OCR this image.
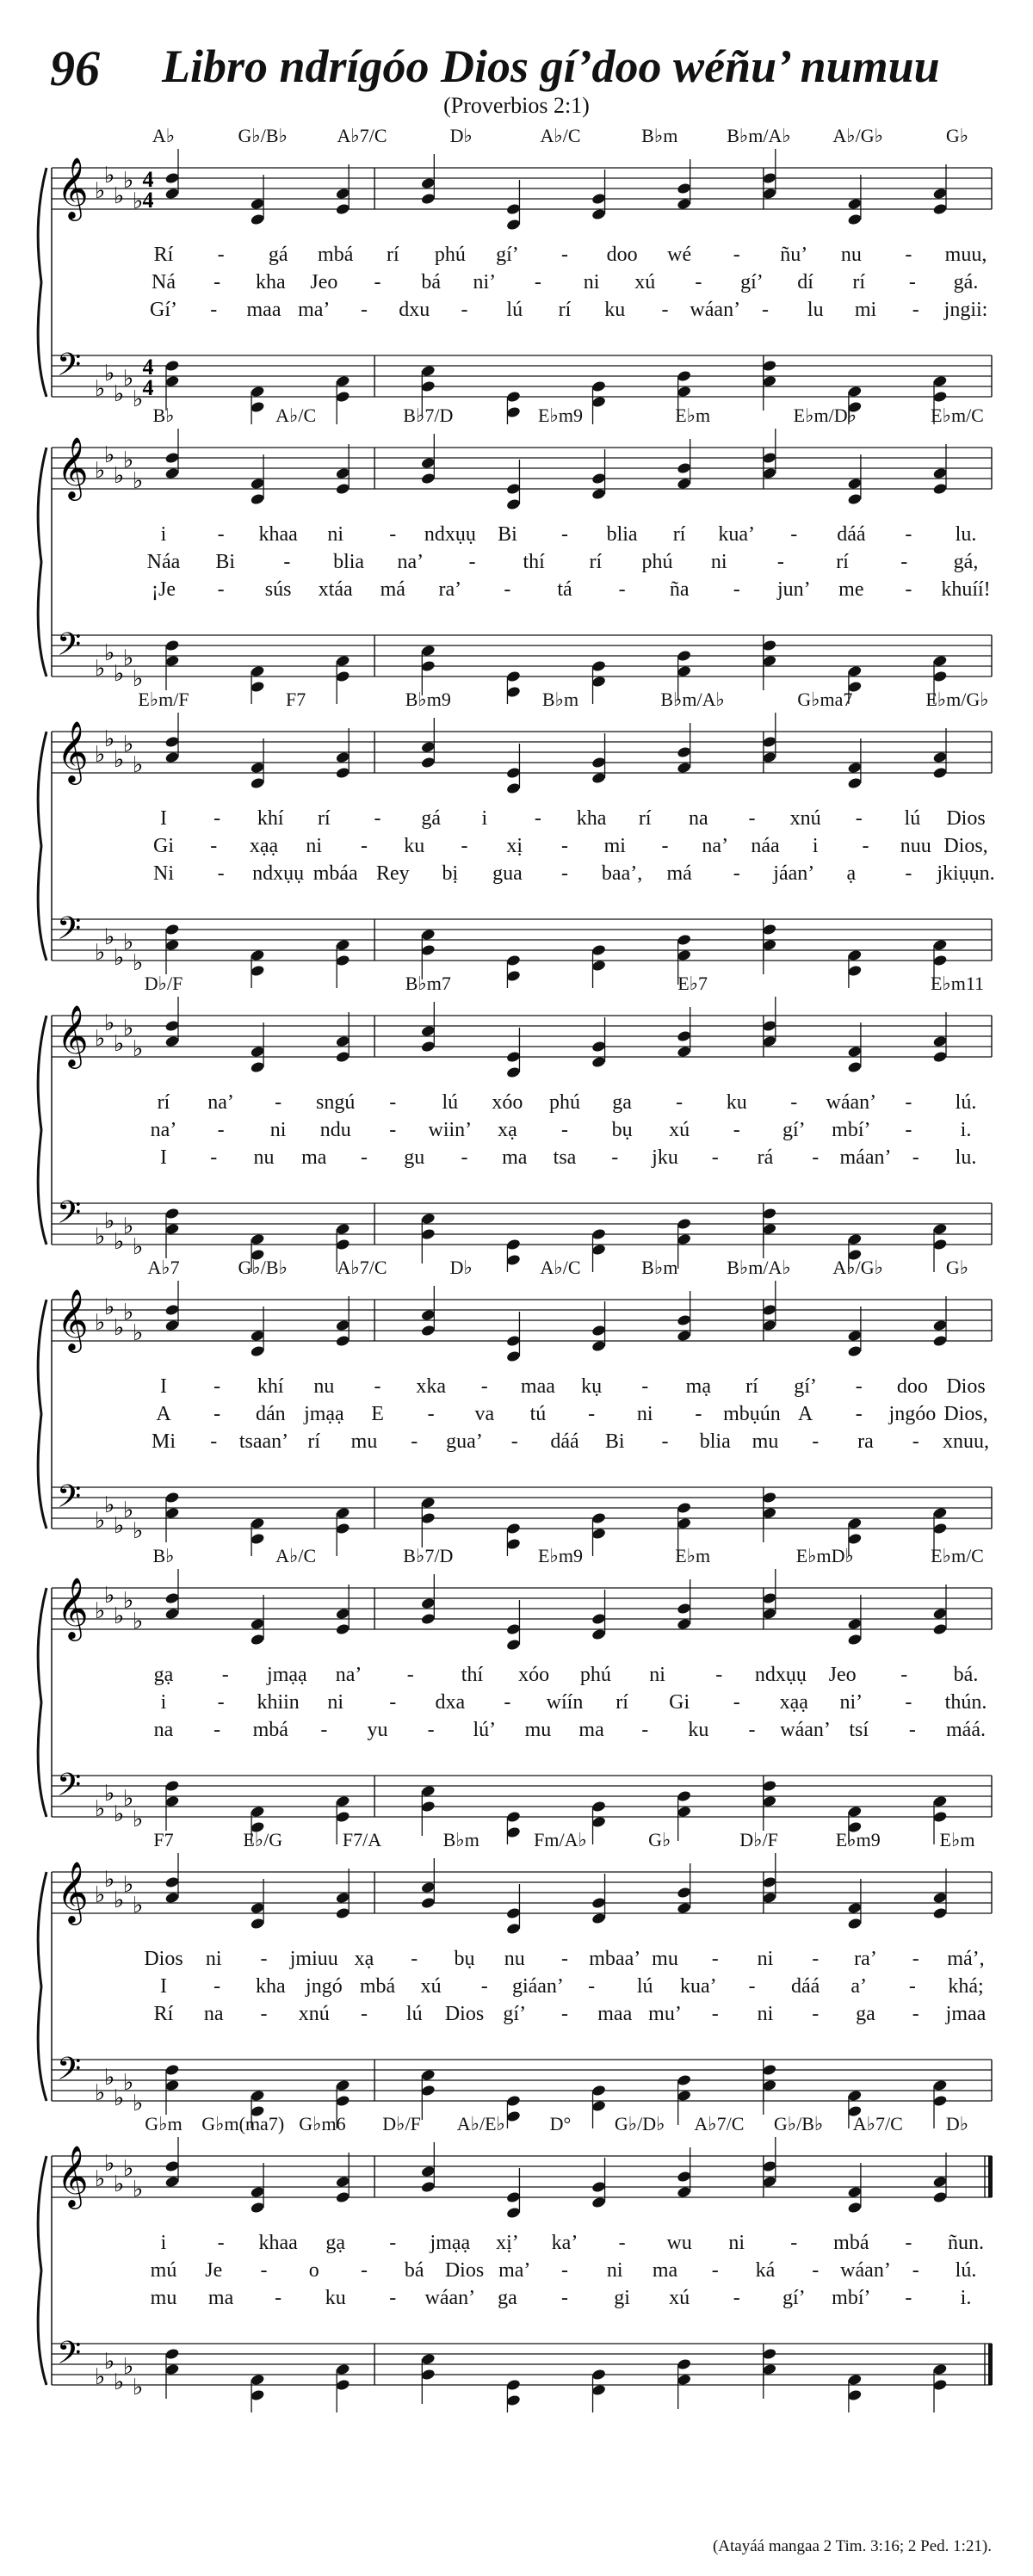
96 Libro ndrígóo Dios gí’doo wéñu’ numuu
(Proverbios 2:1)
A♭	G♭/B♭	A♭7/C	D♭	A♭/C	B♭m	B♭m/A♭ A♭/G♭	G♭
𝄞 ♭
♭
♭
♭
♭
4
4
𝄢 ♭
♭
♭
♭
♭
4
4
Rí - gá mbá rí phú gí’ - doo wé - ñu’ nu - muu,
Ná - kha Jeo - bá ni’ - ni xú - gí’ dí rí - gá.
Gí’ - maa ma’ - dxu - lú rí ku - wáan’ - lu mi - jngii:
B♭	A♭/C	B♭7/D	E♭m9	E♭m	E♭m/D♭	E♭m/C
𝄞 ♭
♭
♭
♭
♭
𝄢 ♭
♭
♭
♭
♭
i - khaa ni - ndxụụ Bi - blia rí kua’ - dáá - lu.
Náa Bi - blia na’ - thí rí phú ni -	rí	- gá,
¡Je - sús xtáa má ra’ - tá - ña - jun’ me - khuíí!
E♭m/F	F7	B♭m9	B♭m	B♭m/A♭	G♭ma7	E♭m/G♭
𝄞 ♭
♭
♭
♭
♭
𝄢 ♭
♭
♭
♭
♭
I - khí rí - gá i - kha rí na - xnú - lú Dios
Gi - xạạ ni - ku - xị - mi - na’ náa i - nuu Dios,
Ni - ndxụụ mbáa Rey bị gua - baa’, má - jáan’ ạ - jkiụụn.
D♭/F	B♭m7	E♭7	E♭m11
𝄞 ♭
♭
♭
♭
♭
𝄢 ♭
♭
♭
♭
♭
rí na’ - sngú - lú xóo phú ga - ku - wáan’ - lú.
na’ - ni ndu - wiin’ xạ - bụ xú - gí’ mbí’ - i.
I - nu ma - gu - ma tsa - jku - rá - máan’ - lu.
A♭7	G♭/B♭	A♭7/C	D♭	A♭/C	B♭m	B♭m/A♭ A♭/G♭	G♭
𝄞 ♭
♭
♭
♭
♭
𝄢 ♭
♭
♭
♭
♭
I - khí nu - xka - maa kụ - mạ rí gí’ - doo Dios
A - dán jmạạ E - va tú - ni - mbụún A - jngóo Dios,
Mi - tsaan’ rí mu - gua’ - dáá Bi - blia mu - ra - xnuu,
B♭	A♭/C	B♭7/D	E♭m9	E♭m	E♭mD♭	E♭m/C
𝄞 ♭
♭
♭
♭
♭
𝄢 ♭
♭
♭
♭
♭
gạ - jmạạ na’ - thí xóo phú ni - ndxụụ Jeo - bá.
i - khiin ni - dxa - wíín rí Gi - xạạ ni’ - thún.
na - mbá - yu - lú’ mu ma - ku - wáan’ tsí - máá.
F7	E♭/G	F7/A	B♭m	Fm/A♭	G♭	D♭/F	E♭m9	E♭m
𝄞 ♭
♭
♭
♭
♭
𝄢 ♭
♭
♭
♭
♭
Dios ni - jmiuu xạ - bụ nu - mbaa’ mu - ni - ra’ - má’,
I - kha jngó mbá xú - giáan’ - lú kua’ - dáá a’ - khá;
Rí na - xnú - lú Dios gí’ - maa mu’ - ni - ga - jmaa
G♭m G♭m(ma7) G♭m6 D♭/F A♭/E♭ D° G♭/D♭ A♭7/C G♭/B♭ A♭7/C D♭
𝄞 ♭
♭
♭
♭
♭
𝄢 ♭
♭
♭
♭
♭
i - khaa gạ - jmạạ xị’ ka’ - wu ni - mbá - ñun.
mú Je - o - bá Dios ma’ - ni ma - ká - wáan’ - lú.
mu ma - ku - wáan’ ga - gi xú - gí’ mbí’ - i.
(Atayáá mangaa 2 Tim. 3:16; 2 Ped. 1:21).
